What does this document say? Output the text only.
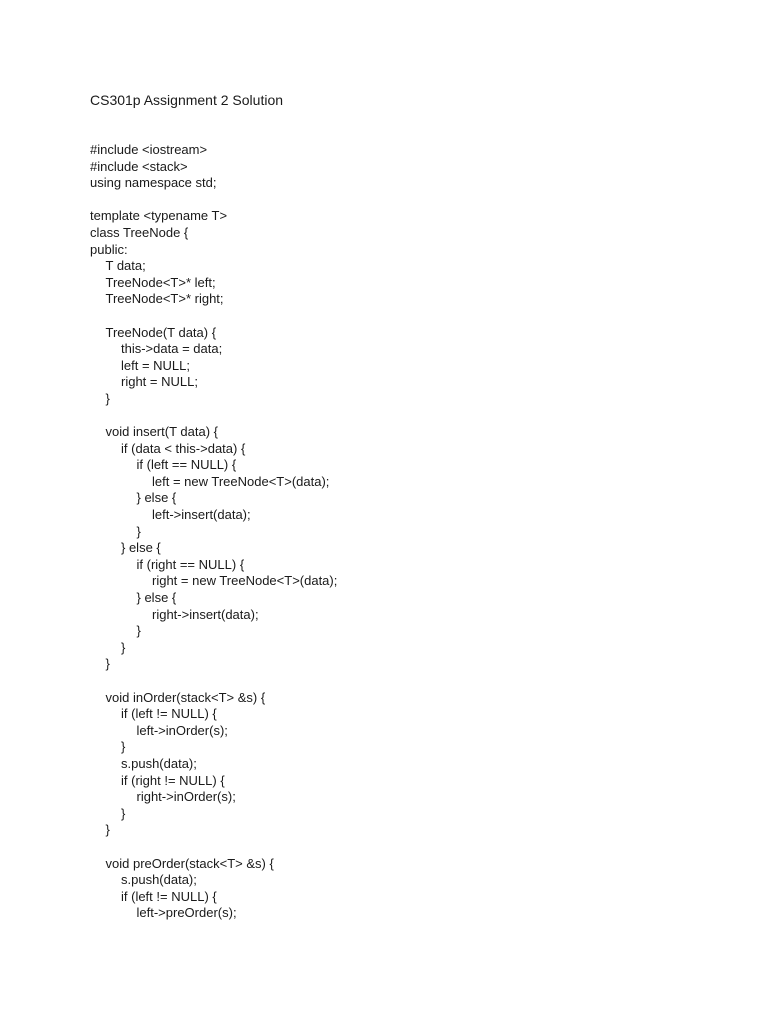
CS301p Assignment 2 Solution
#include <iostream>
#include <stack>
using namespace std;
template <typename T>
class TreeNode {
public:
T data;
TreeNode<T>* left;
TreeNode<T>* right;
TreeNode(T data) {
this->data = data;
left = NULL;
right = NULL;
}
void insert(T data) {
if (data < this->data) {
if (left == NULL) {
left = new TreeNode<T>(data);
} else {
left->insert(data);
}
} else {
if (right == NULL) {
right = new TreeNode<T>(data);
} else {
right->insert(data);
}
}
}
void inOrder(stack<T> &s) {
if (left != NULL) {
left->inOrder(s);
}
s.push(data);
if (right != NULL) {
right->inOrder(s);
}
}
void preOrder(stack<T> &s) {
s.push(data);
if (left != NULL) {
left->preOrder(s);
